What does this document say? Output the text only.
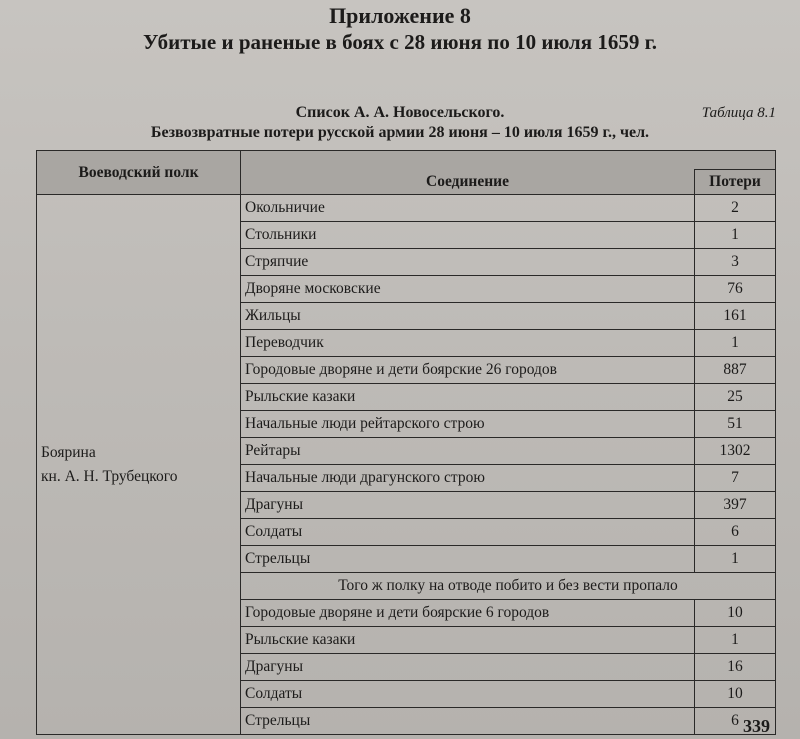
Приложение 8
Убитые и раненые в боях с 28 июня по 10 июля 1659 г.
Таблица 8.1
Список А. А. Новосельского.
Безвозвратные потери русской армии 28 июня – 10 июля 1659 г., чел.
Воеводский полк		
	Соединение	Потери

Боярина
кн. А. Н. Трубецкого	Окольничие	2
	Стольники	1
	Стряпчие	3
	Дворяне московские	76
	Жильцы	161
	Переводчик	1
	Городовые дворяне и дети боярские 26 городов	887
	Рыльские казаки	25
	Начальные люди рейтарского строю	51
	Рейтары	1302
	Начальные люди драгунского строю	7
	Драгуны	397
	Солдаты	6
	Стрельцы	1
	Того ж полку на отводе побито и без вести пропало	
	Городовые дворяне и дети боярские 6 городов	10
	Рыльские казаки	1
	Драгуны	16
	Солдаты	10
	Стрельцы	6 339
